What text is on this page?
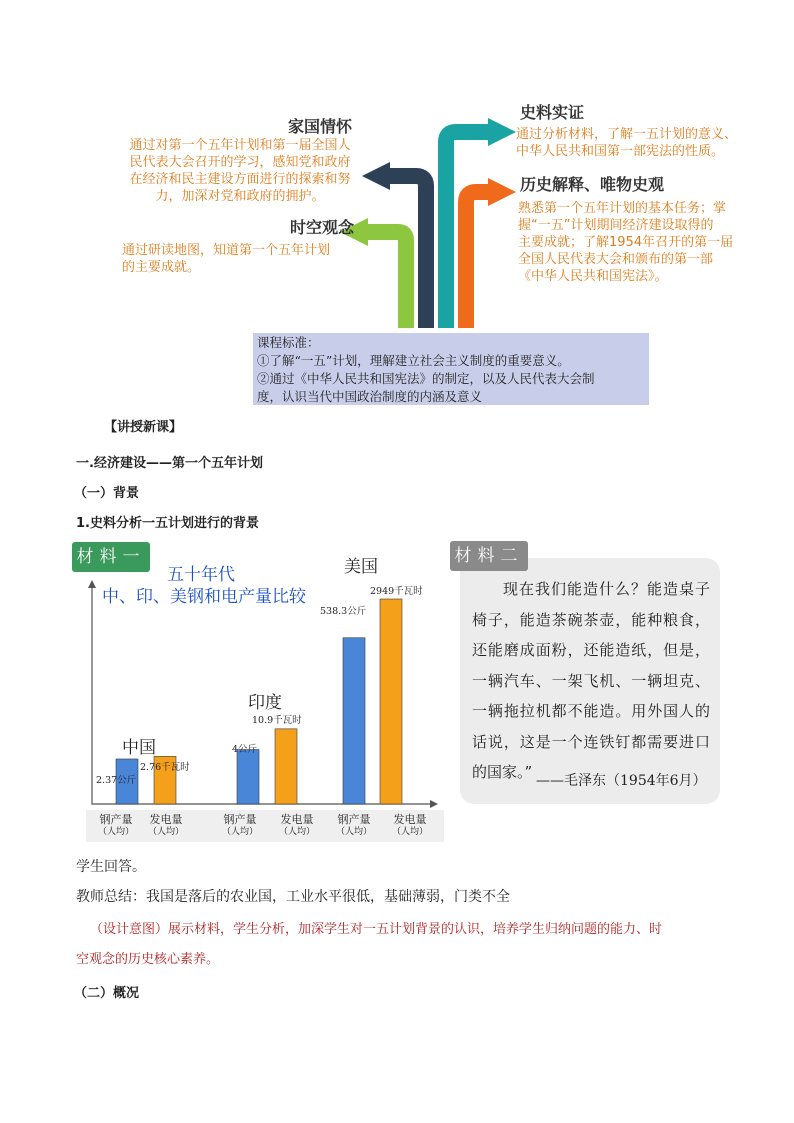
家国情怀
通过对第一个五年计划和第一届全国人
民代表大会召开的学习，感知党和政府
在经济和民主建设方面进行的探索和努
力，加深对党和政府的拥护。
时空观念
通过研读地图，知道第一个五年计划
的主要成就。
史料实证
通过分析材料，了解一五计划的意义、
中华人民共和国第一部宪法的性质。
历史解释、唯物史观
熟悉第一个五年计划的基本任务；掌
握“一五”计划期间经济建设取得的
主要成就；了解1954年召开的第一届
全国人民代表大会和颁布的第一部
《中华人民共和国宪法》。
课程标准：
①了解“一五”计划，理解建立社会主义制度的重要意义。
②通过《中华人民共和国宪法》的制定，以及人民代表大会制
度，认识当代中国政治制度的内涵及意义
【讲授新课】
一.经济建设——第一个五年计划
（一）背景
1.史料分析一五计划进行的背景
材料一
五十年代
中、印、美钢和电产量比较
中国
印度
美国
2.37公斤
2.76千瓦时
4公斤
10.9千瓦时
538.3公斤
2949千瓦时
钢产量
（人均）
发电量
（人均）
钢产量
（人均）
发电量
（人均）
钢产量
（人均）
发电量
（人均）
材料二
现在我们能造什么？能造桌子椅子，能造茶碗茶壶，能种粮食，还能磨成面粉，还能造纸，但是，一辆汽车、一架飞机、一辆坦克、一辆拖拉机都不能造。用外国人的话说，这是一个连铁钉都需要进口的国家。” ——毛泽东（1954年6月）
学生回答。
教师总结：我国是落后的农业国，工业水平很低，基础薄弱，门类不全
（设计意图）展示材料，学生分析，加深学生对一五计划背景的认识，培养学生归纳问题的能力、时
空观念的历史核心素养。
（二）概况
